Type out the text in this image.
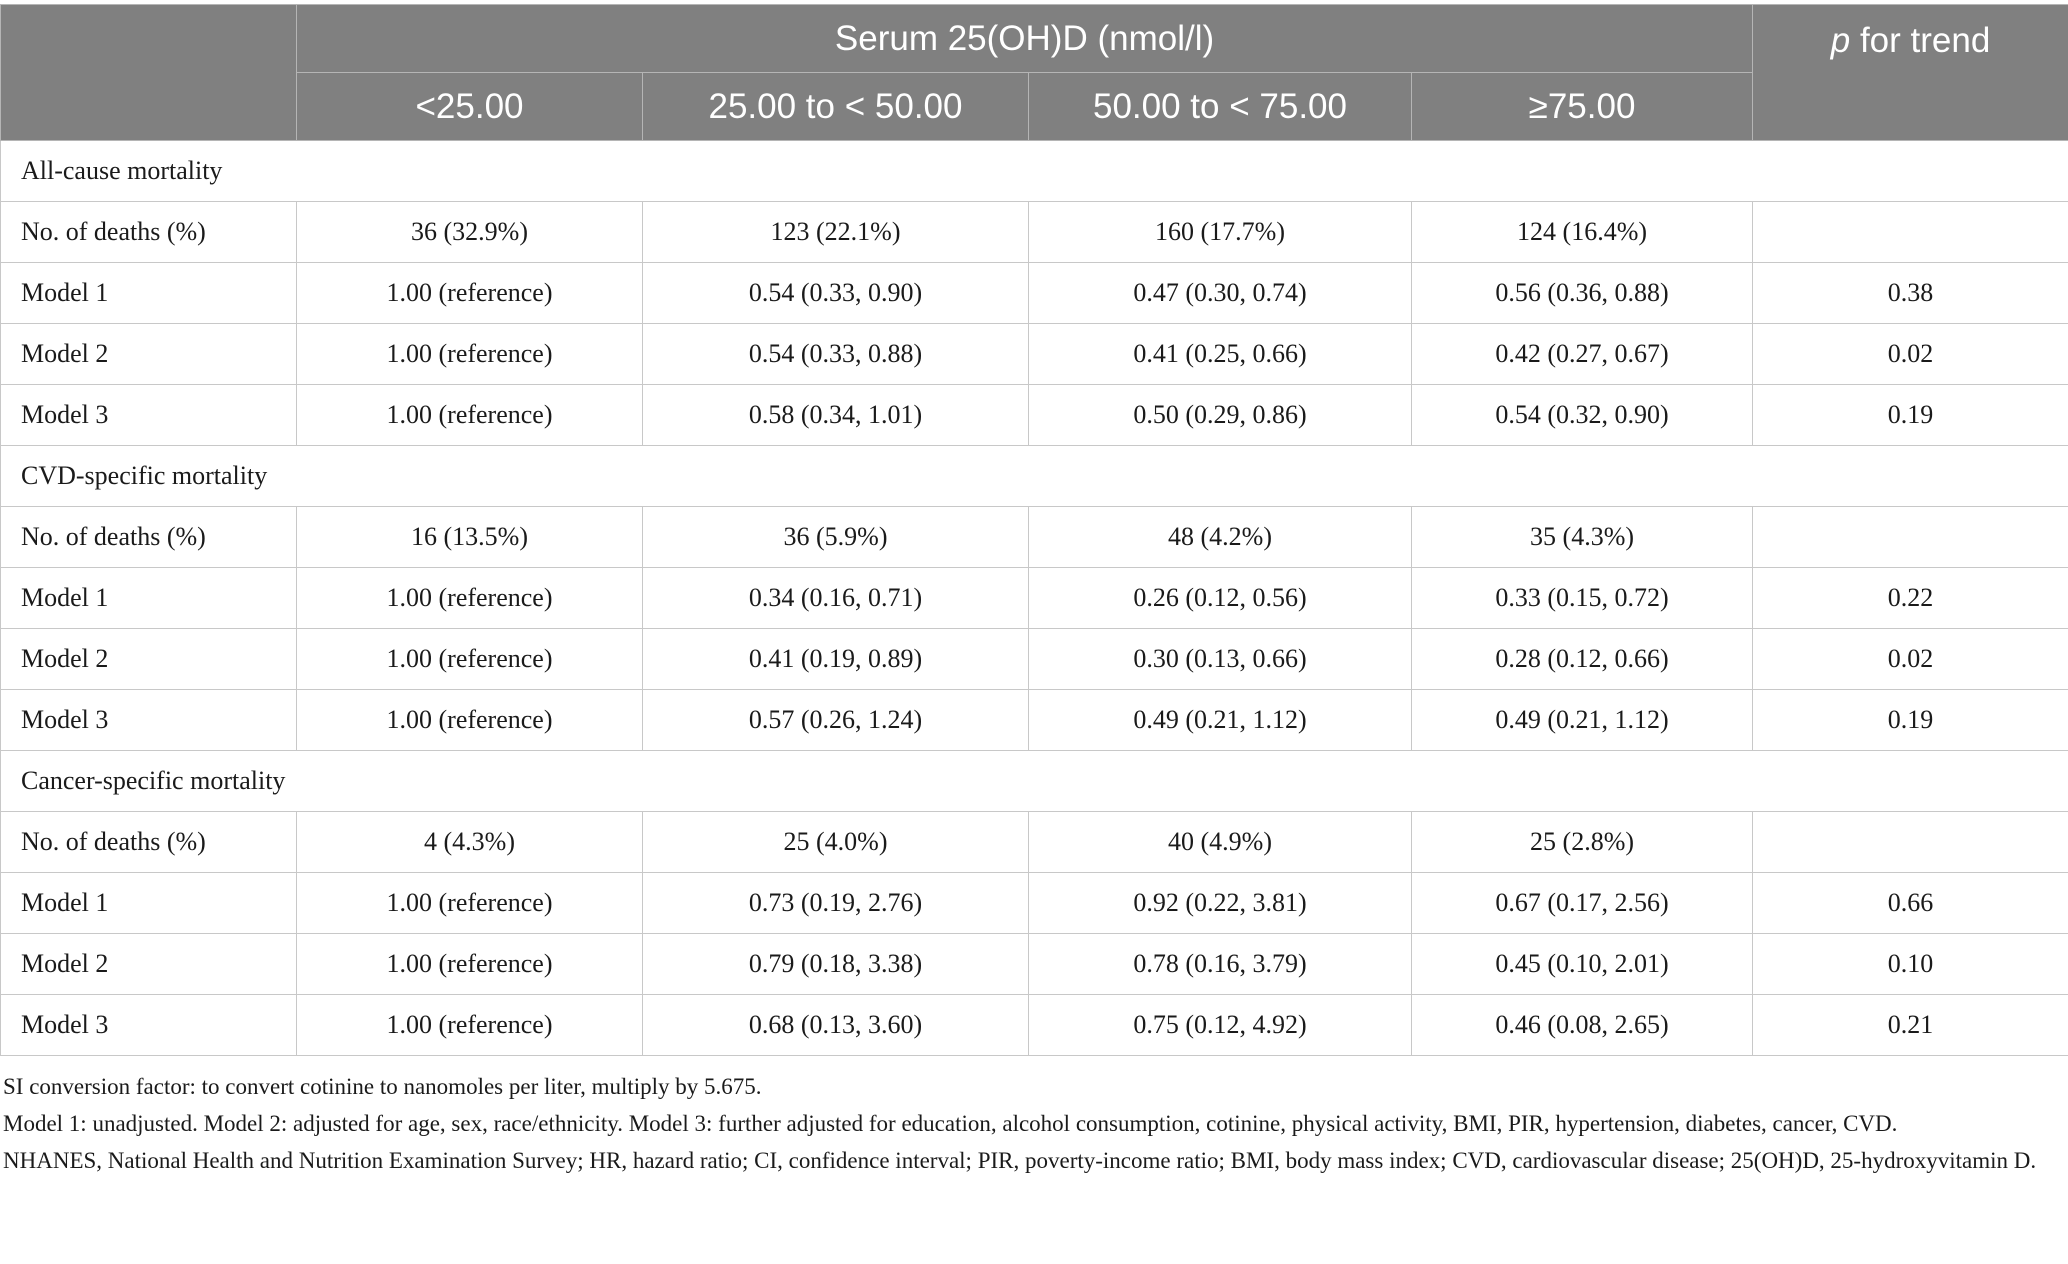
	Serum 25(OH)D (nmol/l)				p for trend
	<25.00	25.00 to < 50.00	50.00 to < 75.00	≥75.00	
All-cause mortality					
No. of deaths (%)	36 (32.9%)	123 (22.1%)	160 (17.7%)	124 (16.4%)	
Model 1	1.00 (reference)	0.54 (0.33, 0.90)	0.47 (0.30, 0.74)	0.56 (0.36, 0.88)	0.38
Model 2	1.00 (reference)	0.54 (0.33, 0.88)	0.41 (0.25, 0.66)	0.42 (0.27, 0.67)	0.02
Model 3	1.00 (reference)	0.58 (0.34, 1.01)	0.50 (0.29, 0.86)	0.54 (0.32, 0.90)	0.19
CVD-specific mortality					
No. of deaths (%)	16 (13.5%)	36 (5.9%)	48 (4.2%)	35 (4.3%)	
Model 1	1.00 (reference)	0.34 (0.16, 0.71)	0.26 (0.12, 0.56)	0.33 (0.15, 0.72)	0.22
Model 2	1.00 (reference)	0.41 (0.19, 0.89)	0.30 (0.13, 0.66)	0.28 (0.12, 0.66)	0.02
Model 3	1.00 (reference)	0.57 (0.26, 1.24)	0.49 (0.21, 1.12)	0.49 (0.21, 1.12)	0.19
Cancer-specific mortality					
No. of deaths (%)	4 (4.3%)	25 (4.0%)	40 (4.9%)	25 (2.8%)	
Model 1	1.00 (reference)	0.73 (0.19, 2.76)	0.92 (0.22, 3.81)	0.67 (0.17, 2.56)	0.66
Model 2	1.00 (reference)	0.79 (0.18, 3.38)	0.78 (0.16, 3.79)	0.45 (0.10, 2.01)	0.10
Model 3	1.00 (reference)	0.68 (0.13, 3.60)	0.75 (0.12, 4.92)	0.46 (0.08, 2.65)	0.21

SI conversion factor: to convert cotinine to nanomoles per liter, multiply by 5.675.

Model 1: unadjusted. Model 2: adjusted for age, sex, race/ethnicity. Model 3: further adjusted for education, alcohol consumption, cotinine, physical activity, BMI, PIR, hypertension, diabetes, cancer, CVD.

NHANES, National Health and Nutrition Examination Survey; HR, hazard ratio; CI, confidence interval; PIR, poverty-income ratio; BMI, body mass index; CVD, cardiovascular disease; 25(OH)D, 25-hydroxyvitamin D.
